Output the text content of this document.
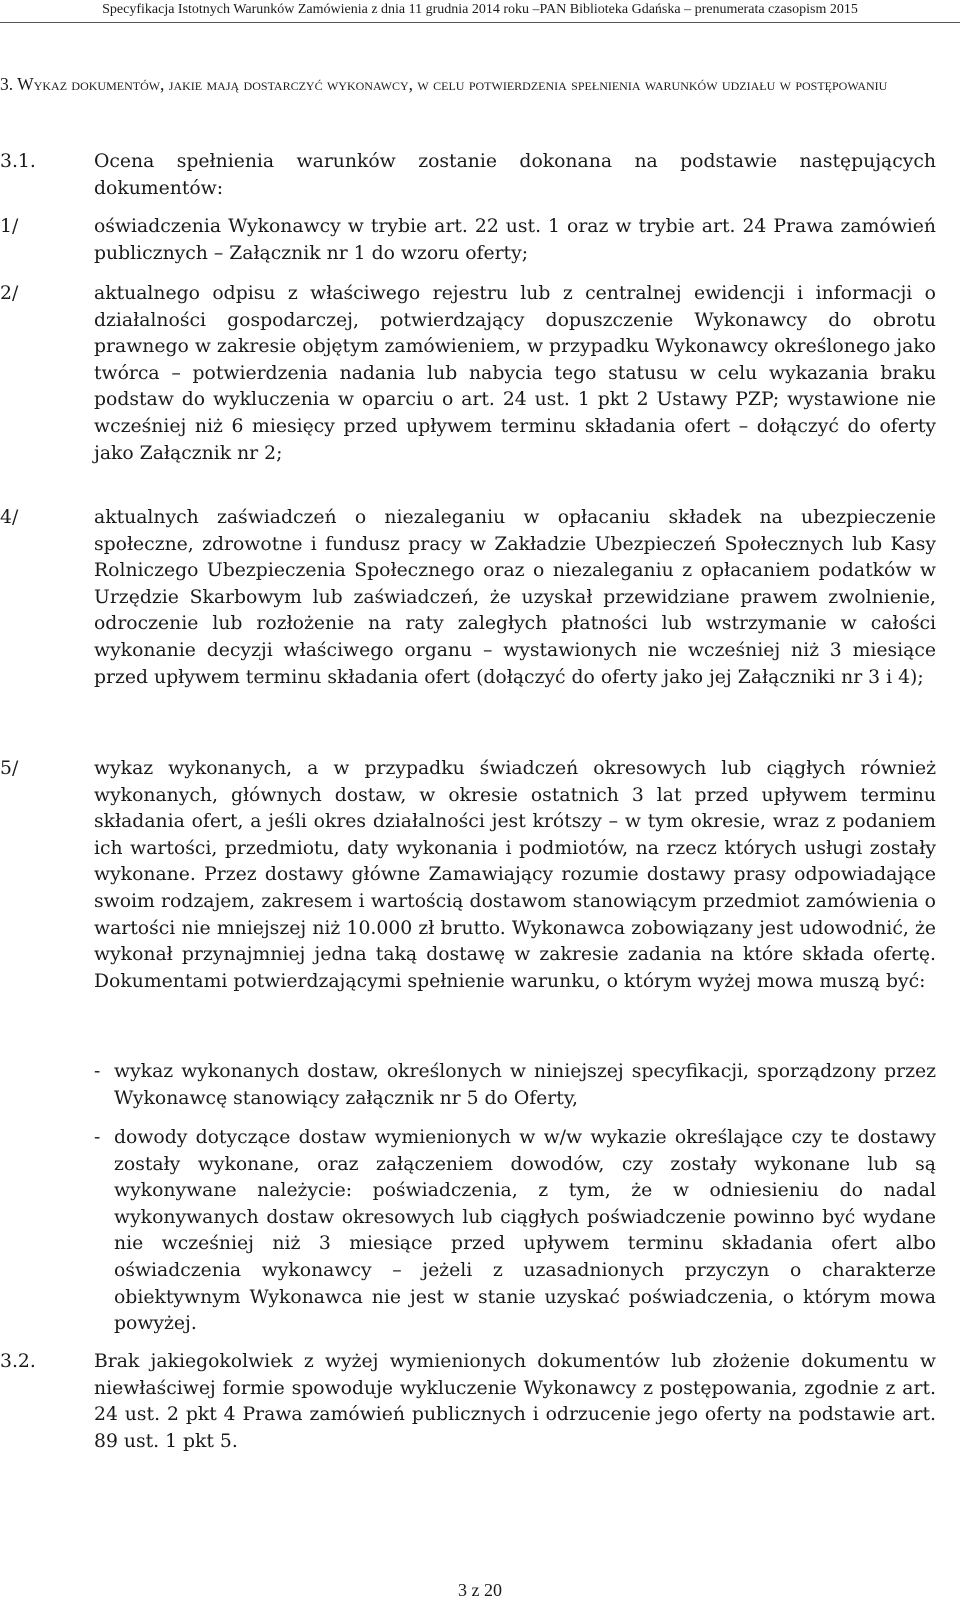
Specyfikacja Istotnych Warunków Zamówienia z dnia 11 grudnia 2014 roku –PAN Biblioteka Gdańska – prenumerata czasopism 2015
3. Wykaz dokumentów, jakie mają dostarczyć wykonawcy, w celu potwierdzenia spełnienia warunków udziału w postępowaniu
3.1.	Ocena spełnienia warunków zostanie dokonana na podstawie następujących dokumentów:
1/	oświadczenia Wykonawcy w trybie art. 22 ust. 1 oraz w trybie art. 24 Prawa zamówień publicznych – Załącznik nr 1 do wzoru oferty;
2/	aktualnego odpisu z właściwego rejestru lub z centralnej ewidencji i informacji o działalności gospodarczej, potwierdzający dopuszczenie Wykonawcy do obrotu prawnego w zakresie objętym zamówieniem, w przypadku Wykonawcy określonego jako twórca – potwierdzenia nadania lub nabycia tego statusu w celu wykazania braku podstaw do wykluczenia w oparciu o art. 24 ust. 1 pkt 2 Ustawy PZP; wystawione nie wcześniej niż 6 miesięcy przed upływem terminu składania ofert – dołączyć do oferty jako Załącznik nr 2;
4/	aktualnych zaświadczeń o niezaleganiu w opłacaniu składek na ubezpieczenie społeczne, zdrowotne i fundusz pracy w Zakładzie Ubezpieczeń Społecznych lub Kasy Rolniczego Ubezpieczenia Społecznego oraz o niezaleganiu z opłacaniem podatków w Urzędzie Skarbowym lub zaświadczeń, że uzyskał przewidziane prawem zwolnienie, odroczenie lub rozłożenie na raty zaległych płatności lub wstrzymanie w całości wykonanie decyzji właściwego organu – wystawionych nie wcześniej niż 3 miesiące przed upływem terminu składania ofert (dołączyć do oferty jako jej Załączniki nr 3 i 4);
5/	wykaz wykonanych, a w przypadku świadczeń okresowych lub ciągłych również wykonanych, głównych dostaw, w okresie ostatnich 3 lat przed upływem terminu składania ofert, a jeśli okres działalności jest krótszy – w tym okresie, wraz z podaniem ich wartości, przedmiotu, daty wykonania i podmiotów, na rzecz których usługi zostały wykonane. Przez dostawy główne Zamawiający rozumie dostawy prasy odpowiadające swoim rodzajem, zakresem i wartością dostawom stanowiącym przedmiot zamówienia o wartości nie mniejszej niż 10.000 zł brutto. Wykonawca zobowiązany jest udowodnić, że wykonał przynajmniej jedna taką dostawę w zakresie zadania na które składa ofertę. Dokumentami potwierdzającymi spełnienie warunku, o którym wyżej mowa muszą być:
- wykaz wykonanych dostaw, określonych w niniejszej specyfikacji, sporządzony przez Wykonawcę stanowiący załącznik nr 5 do Oferty,
- dowody dotyczące dostaw wymienionych w w/w wykazie określające czy te dostawy zostały wykonane, oraz załączeniem dowodów, czy zostały wykonane lub są wykonywane należycie: poświadczenia, z tym, że w odniesieniu do nadal wykonywanych dostaw okresowych lub ciągłych poświadczenie powinno być wydane nie wcześniej niż 3 miesiące przed upływem terminu składania ofert albo oświadczenia wykonawcy – jeżeli z uzasadnionych przyczyn o charakterze obiektywnym Wykonawca nie jest w stanie uzyskać poświadczenia, o którym mowa powyżej.
3.2.	Brak jakiegokolwiek z wyżej wymienionych dokumentów lub złożenie dokumentu w niewłaściwej formie spowoduje wykluczenie Wykonawcy z postępowania, zgodnie z art. 24 ust. 2 pkt 4 Prawa zamówień publicznych i odrzucenie jego oferty na podstawie art. 89 ust. 1 pkt 5.
3 z 20
